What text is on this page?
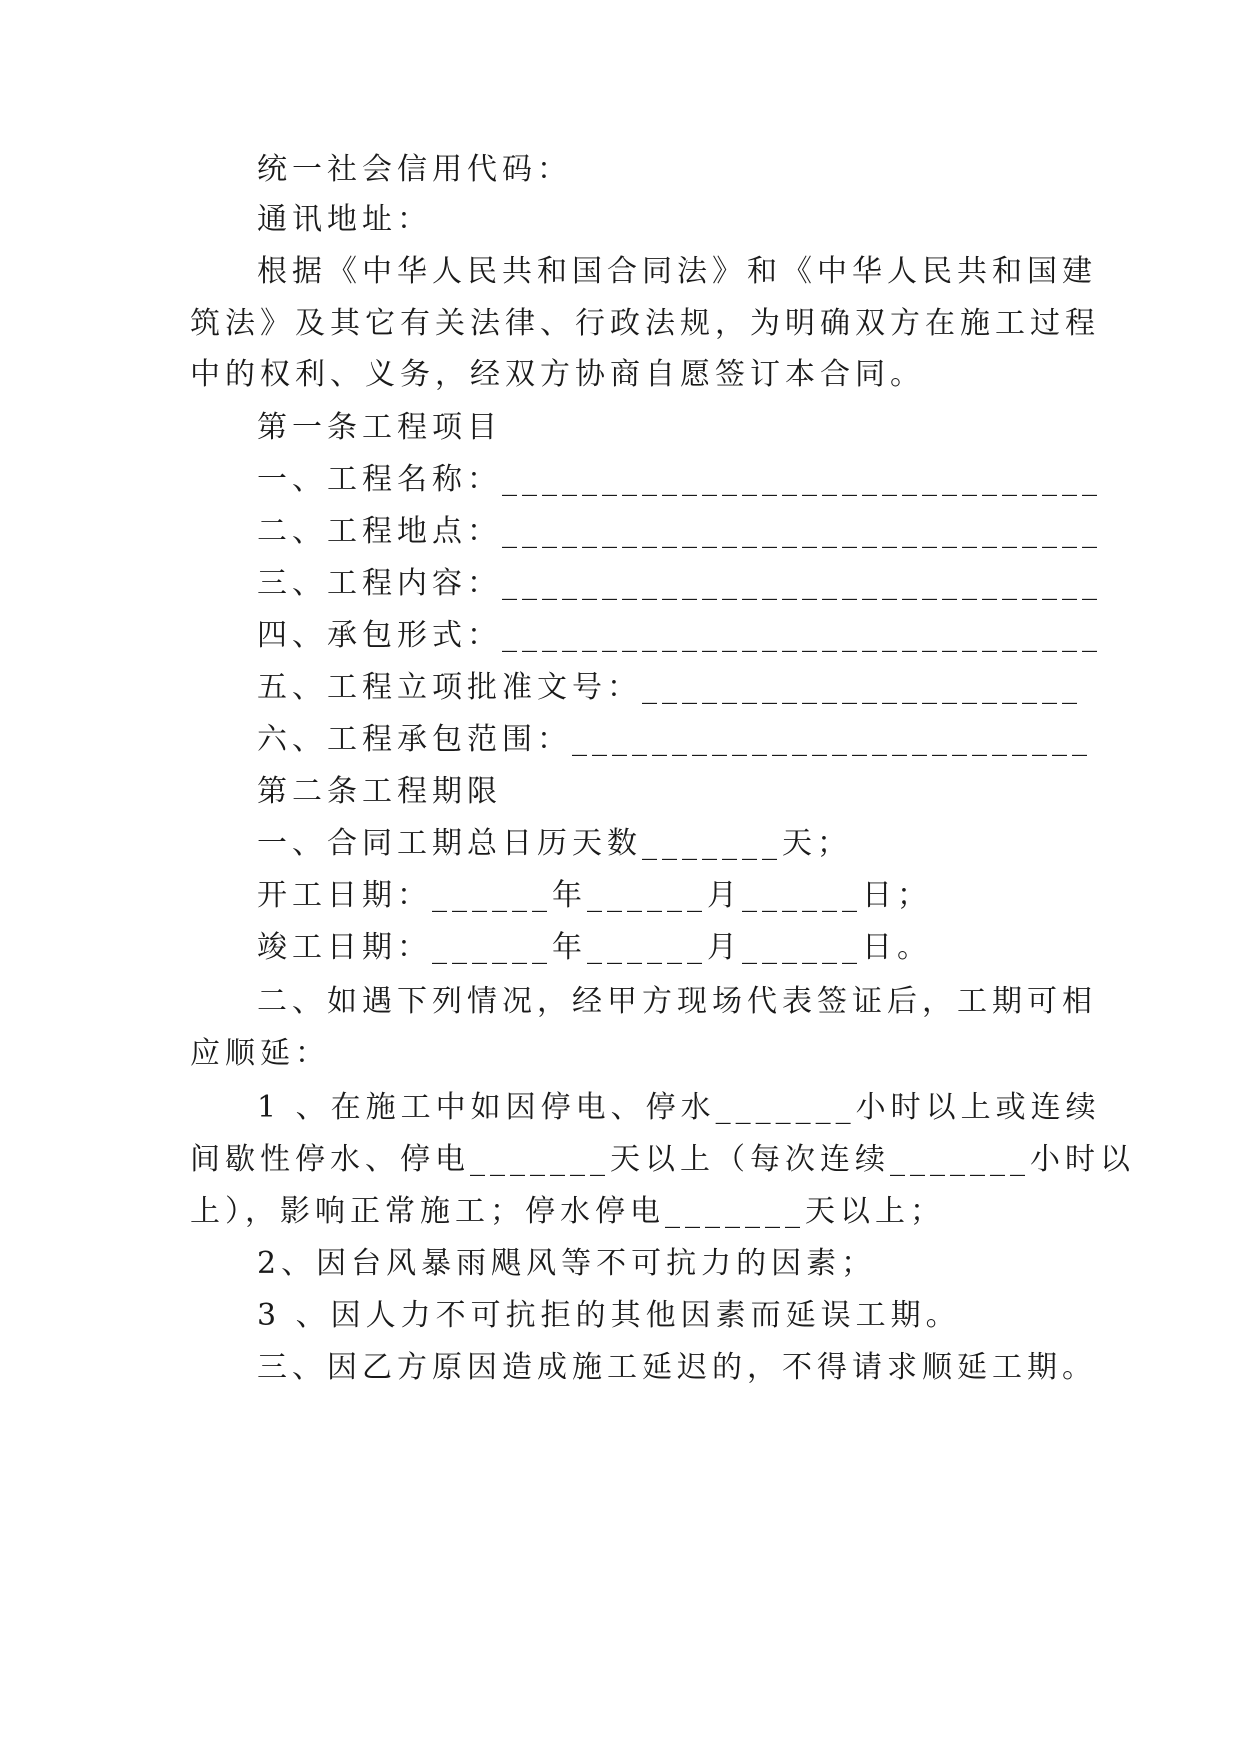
统一社会信用代码：
通讯地址：
根据《中华人民共和国合同法》和《中华人民共和国建
筑法》及其它有关法律、行政法规，为明确双方在施工过程
中的权利、义务，经双方协商自愿签订本合同。
第一条工程项目
一、工程名称：______________________________
二、工程地点：______________________________
三、工程内容：______________________________
四、承包形式：______________________________
五、工程立项批准文号：______________________
六、工程承包范围：__________________________
第二条工程期限
一、合同工期总日历天数_______天；
开工日期：______年______月______日；
竣工日期：______年______月______日。
二、如遇下列情况，经甲方现场代表签证后，工期可相
应顺延：
1 、在施工中如因停电、停水_______小时以上或连续
间歇性停水、停电_______天以上（每次连续_______小时以
上），影响正常施工；停水停电_______天以上；
2、因台风暴雨飓风等不可抗力的因素；
3 、因人力不可抗拒的其他因素而延误工期。
三、因乙方原因造成施工延迟的，不得请求顺延工期。
